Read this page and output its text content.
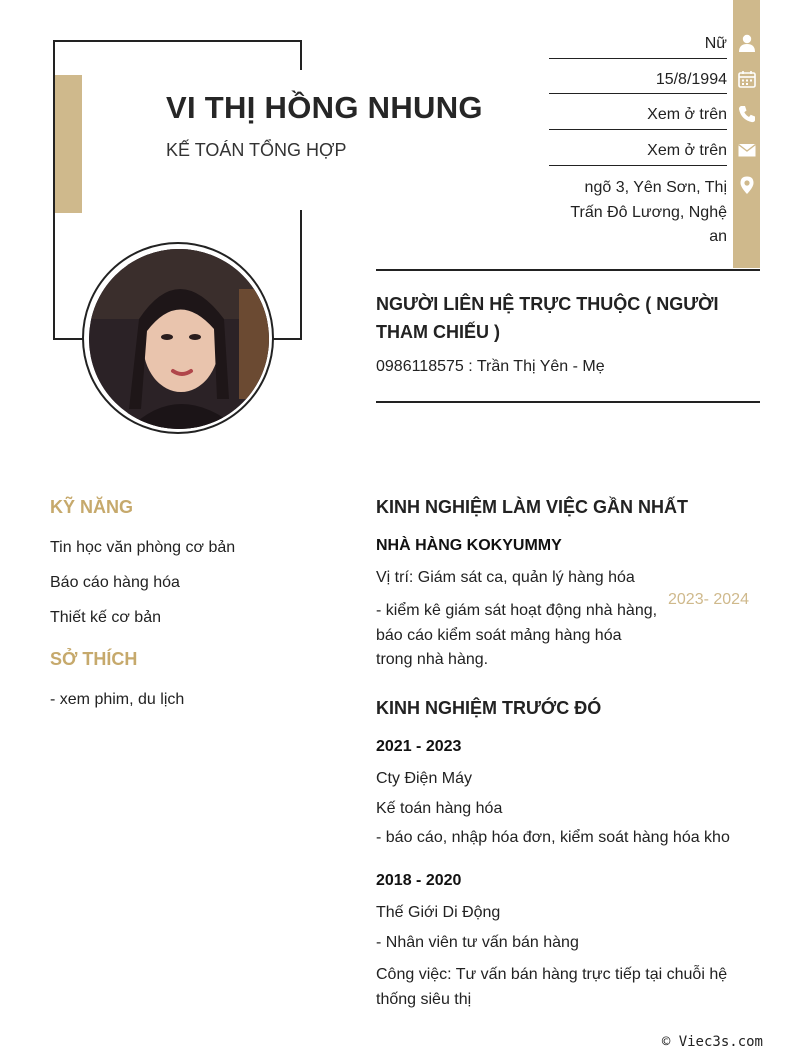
VI THỊ HỒNG NHUNG
KẾ TOÁN TỔNG HỢP
Nữ
15/8/1994
Xem ở trên
Xem ở trên
ngõ 3, Yên Sơn, Thị Trấn Đô Lương, Nghệ an
NGƯỜI LIÊN HỆ TRỰC THUỘC ( NGƯỜI THAM CHIẾU )
0986118575 : Trần Thị Yên - Mẹ
KỸ NĂNG
Tin học văn phòng cơ bản
Báo cáo hàng hóa
Thiết kế cơ bản
SỞ THÍCH
- xem phim, du lịch
KINH NGHIỆM LÀM VIỆC GẦN NHẤT
NHÀ HÀNG KOKYUMMY
Vị trí: Giám sát ca, quản lý hàng hóa
- kiểm kê giám sát hoạt động nhà hàng, báo cáo kiểm soát mảng hàng hóa trong nhà hàng.
2023- 2024
KINH NGHIỆM TRƯỚC ĐÓ
2021 - 2023
Cty Điện Máy
Kế toán hàng hóa
- báo cáo, nhập hóa đơn, kiểm soát hàng hóa kho
2018 - 2020
Thế Giới Di Động
- Nhân viên tư vấn bán hàng
Công việc: Tư vấn bán hàng trực tiếp tại chuỗi hệ thống siêu thị
© Viec3s.com
